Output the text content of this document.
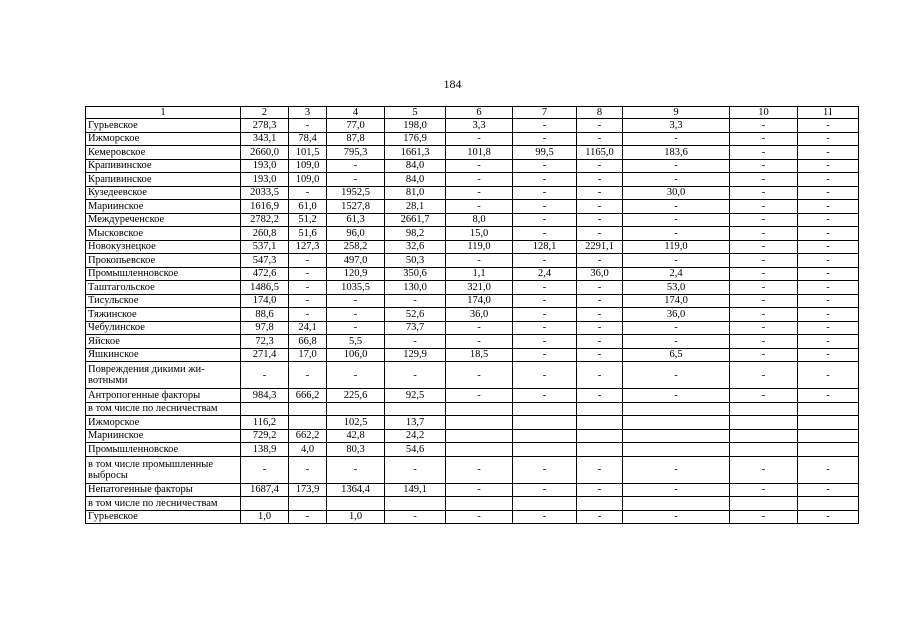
184
1	2	3	4	5	6	7	8	9	10	11
Гурьевское	278,3	-	77,0	198,0	3,3	-	-	3,3	-	-
Ижморское	343,1	78,4	87,8	176,9	-	-	-	-	-	-
Кемеровское	2660,0	101,5	795,3	1661,3	101,8	99,5	1165,0	183,6	-	-
Крапивинское	193,0	109,0	-	84,0	-	-	-	-	-	-
Крапивинское	193,0	109,0	-	84,0	-	-	-	-	-	-
Кузедеевское	2033,5	-	1952,5	81,0	-	-	-	30,0	-	-
Мариинское	1616,9	61,0	1527,8	28,1	-	-	-	-	-	-
Междуреченское	2782,2	51,2	61,3	2661,7	8,0	-	-	-	-	-
Мысковское	260,8	51,6	96,0	98,2	15,0	-	-	-	-	-
Новокузнецкое	537,1	127,3	258,2	32,6	119,0	128,1	2291,1	119,0	-	-
Прокопьевское	547,3	-	497,0	50,3	-	-	-	-	-	-
Промышленновское	472,6	-	120,9	350,6	1,1	2,4	36,0	2,4	-	-
Таштагольское	1486,5	-	1035,5	130,0	321,0	-	-	53,0	-	-
Тисульское	174,0	-	-	-	174,0	-	-	174,0	-	-
Тяжинское	88,6	-	-	52,6	36,0	-	-	36,0	-	-
Чебулинское	97,8	24,1	-	73,7	-	-	-	-	-	-
Яйское	72,3	66,8	5,5	-	-	-	-	-	-	-
Яшкинское	271,4	17,0	106,0	129,9	18,5	-	-	6,5	-	-
Повреждения дикими жи-вотными	-	-	-	-	-	-	-	-	-	-
Антропогенные факторы	984,3	666,2	225,6	92,5	-	-	-	-	-	-
в том числе по лесничествам										
Ижморское	116,2		102,5	13,7						
Мариинское	729,2	662,2	42,8	24,2						
Промышленновское	138,9	4,0	80,3	54,6						
в том числе промышленные выбросы	-	-	-	-	-	-	-	-	-	-
Непатогенные факторы	1687,4	173,9	1364,4	149,1	-	-	-	-	-	-
в том числе по лесничествам										
Гурьевское	1,0	-	1,0	-	-	-	-	-	-	-
